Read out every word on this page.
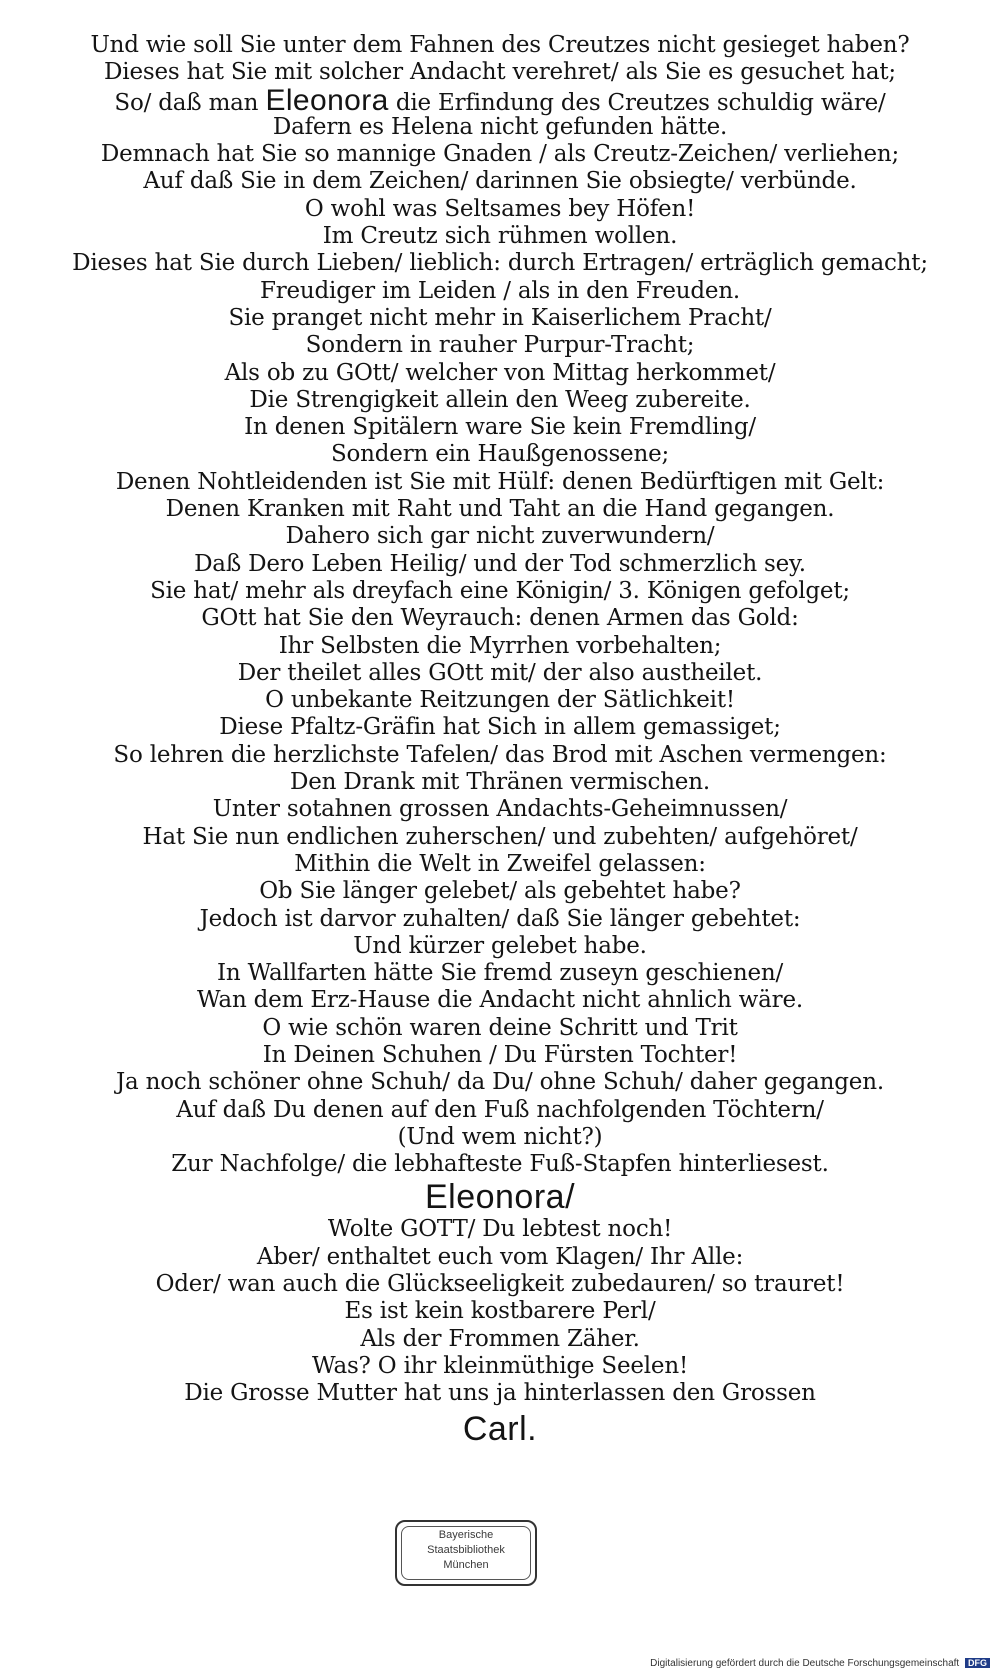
Und wie soll Sie unter dem Fahnen des Creutzes nicht gesieget haben?
Dieses hat Sie mit solcher Andacht verehret/ als Sie es gesuchet hat;
So/ daß man Eleonora die Erfindung des Creutzes schuldig wäre/
Dafern es Helena nicht gefunden hätte.
Demnach hat Sie so mannige Gnaden / als Creutz-Zeichen/ verliehen;
Auf daß Sie in dem Zeichen/ darinnen Sie obsiegte/ verbünde.
O wohl was Seltsames bey Höfen!
Im Creutz sich rühmen wollen.
Dieses hat Sie durch Lieben/ lieblich: durch Ertragen/ erträglich gemacht;
Freudiger im Leiden / als in den Freuden.
Sie pranget nicht mehr in Kaiserlichem Pracht/
Sondern in rauher Purpur-Tracht;
Als ob zu GOtt/ welcher von Mittag herkommet/
Die Strengigkeit allein den Weeg zubereite.
In denen Spitälern ware Sie kein Fremdling/
Sondern ein Haußgenossene;
Denen Nohtleidenden ist Sie mit Hülf: denen Bedürftigen mit Gelt:
Denen Kranken mit Raht und Taht an die Hand gegangen.
Dahero sich gar nicht zuverwundern/
Daß Dero Leben Heilig/ und der Tod schmerzlich sey.
Sie hat/ mehr als dreyfach eine Königin/ 3. Königen gefolget;
GOtt hat Sie den Weyrauch: denen Armen das Gold:
Ihr Selbsten die Myrrhen vorbehalten;
Der theilet alles GOtt mit/ der also austheilet.
O unbekante Reitzungen der Sätlichkeit!
Diese Pfaltz-Gräfin hat Sich in allem gemassiget;
So lehren die herzlichste Tafelen/ das Brod mit Aschen vermengen:
Den Drank mit Thränen vermischen.
Unter sotahnen grossen Andachts-Geheimnussen/
Hat Sie nun endlichen zuherschen/ und zubehten/ aufgehöret/
Mithin die Welt in Zweifel gelassen:
Ob Sie länger gelebet/ als gebehtet habe?
Jedoch ist darvor zuhalten/ daß Sie länger gebehtet:
Und kürzer gelebet habe.
In Wallfarten hätte Sie fremd zuseyn geschienen/
Wan dem Erz-Hause die Andacht nicht ahnlich wäre.
O wie schön waren deine Schritt und Trit
In Deinen Schuhen / Du Fürsten Tochter!
Ja noch schöner ohne Schuh/ da Du/ ohne Schuh/ daher gegangen.
Auf daß Du denen auf den Fuß nachfolgenden Töchtern/
(Und wem nicht?)
Zur Nachfolge/ die lebhafteste Fuß-Stapfen hinterliesest.
Eleonora/
Wolte GOTT/ Du lebtest noch!
Aber/ enthaltet euch vom Klagen/ Ihr Alle:
Oder/ wan auch die Glückseeligkeit zubedauren/ so trauret!
Es ist kein kostbarere Perl/
Als der Frommen Zäher.
Was? O ihr kleinmüthige Seelen!
Die Grosse Mutter hat uns ja hinterlassen den Grossen
Carl.
Bayerische
Staatsbibliothek
München
Digitalisierung gefördert durch die Deutsche Forschungsgemeinschaft DFG
